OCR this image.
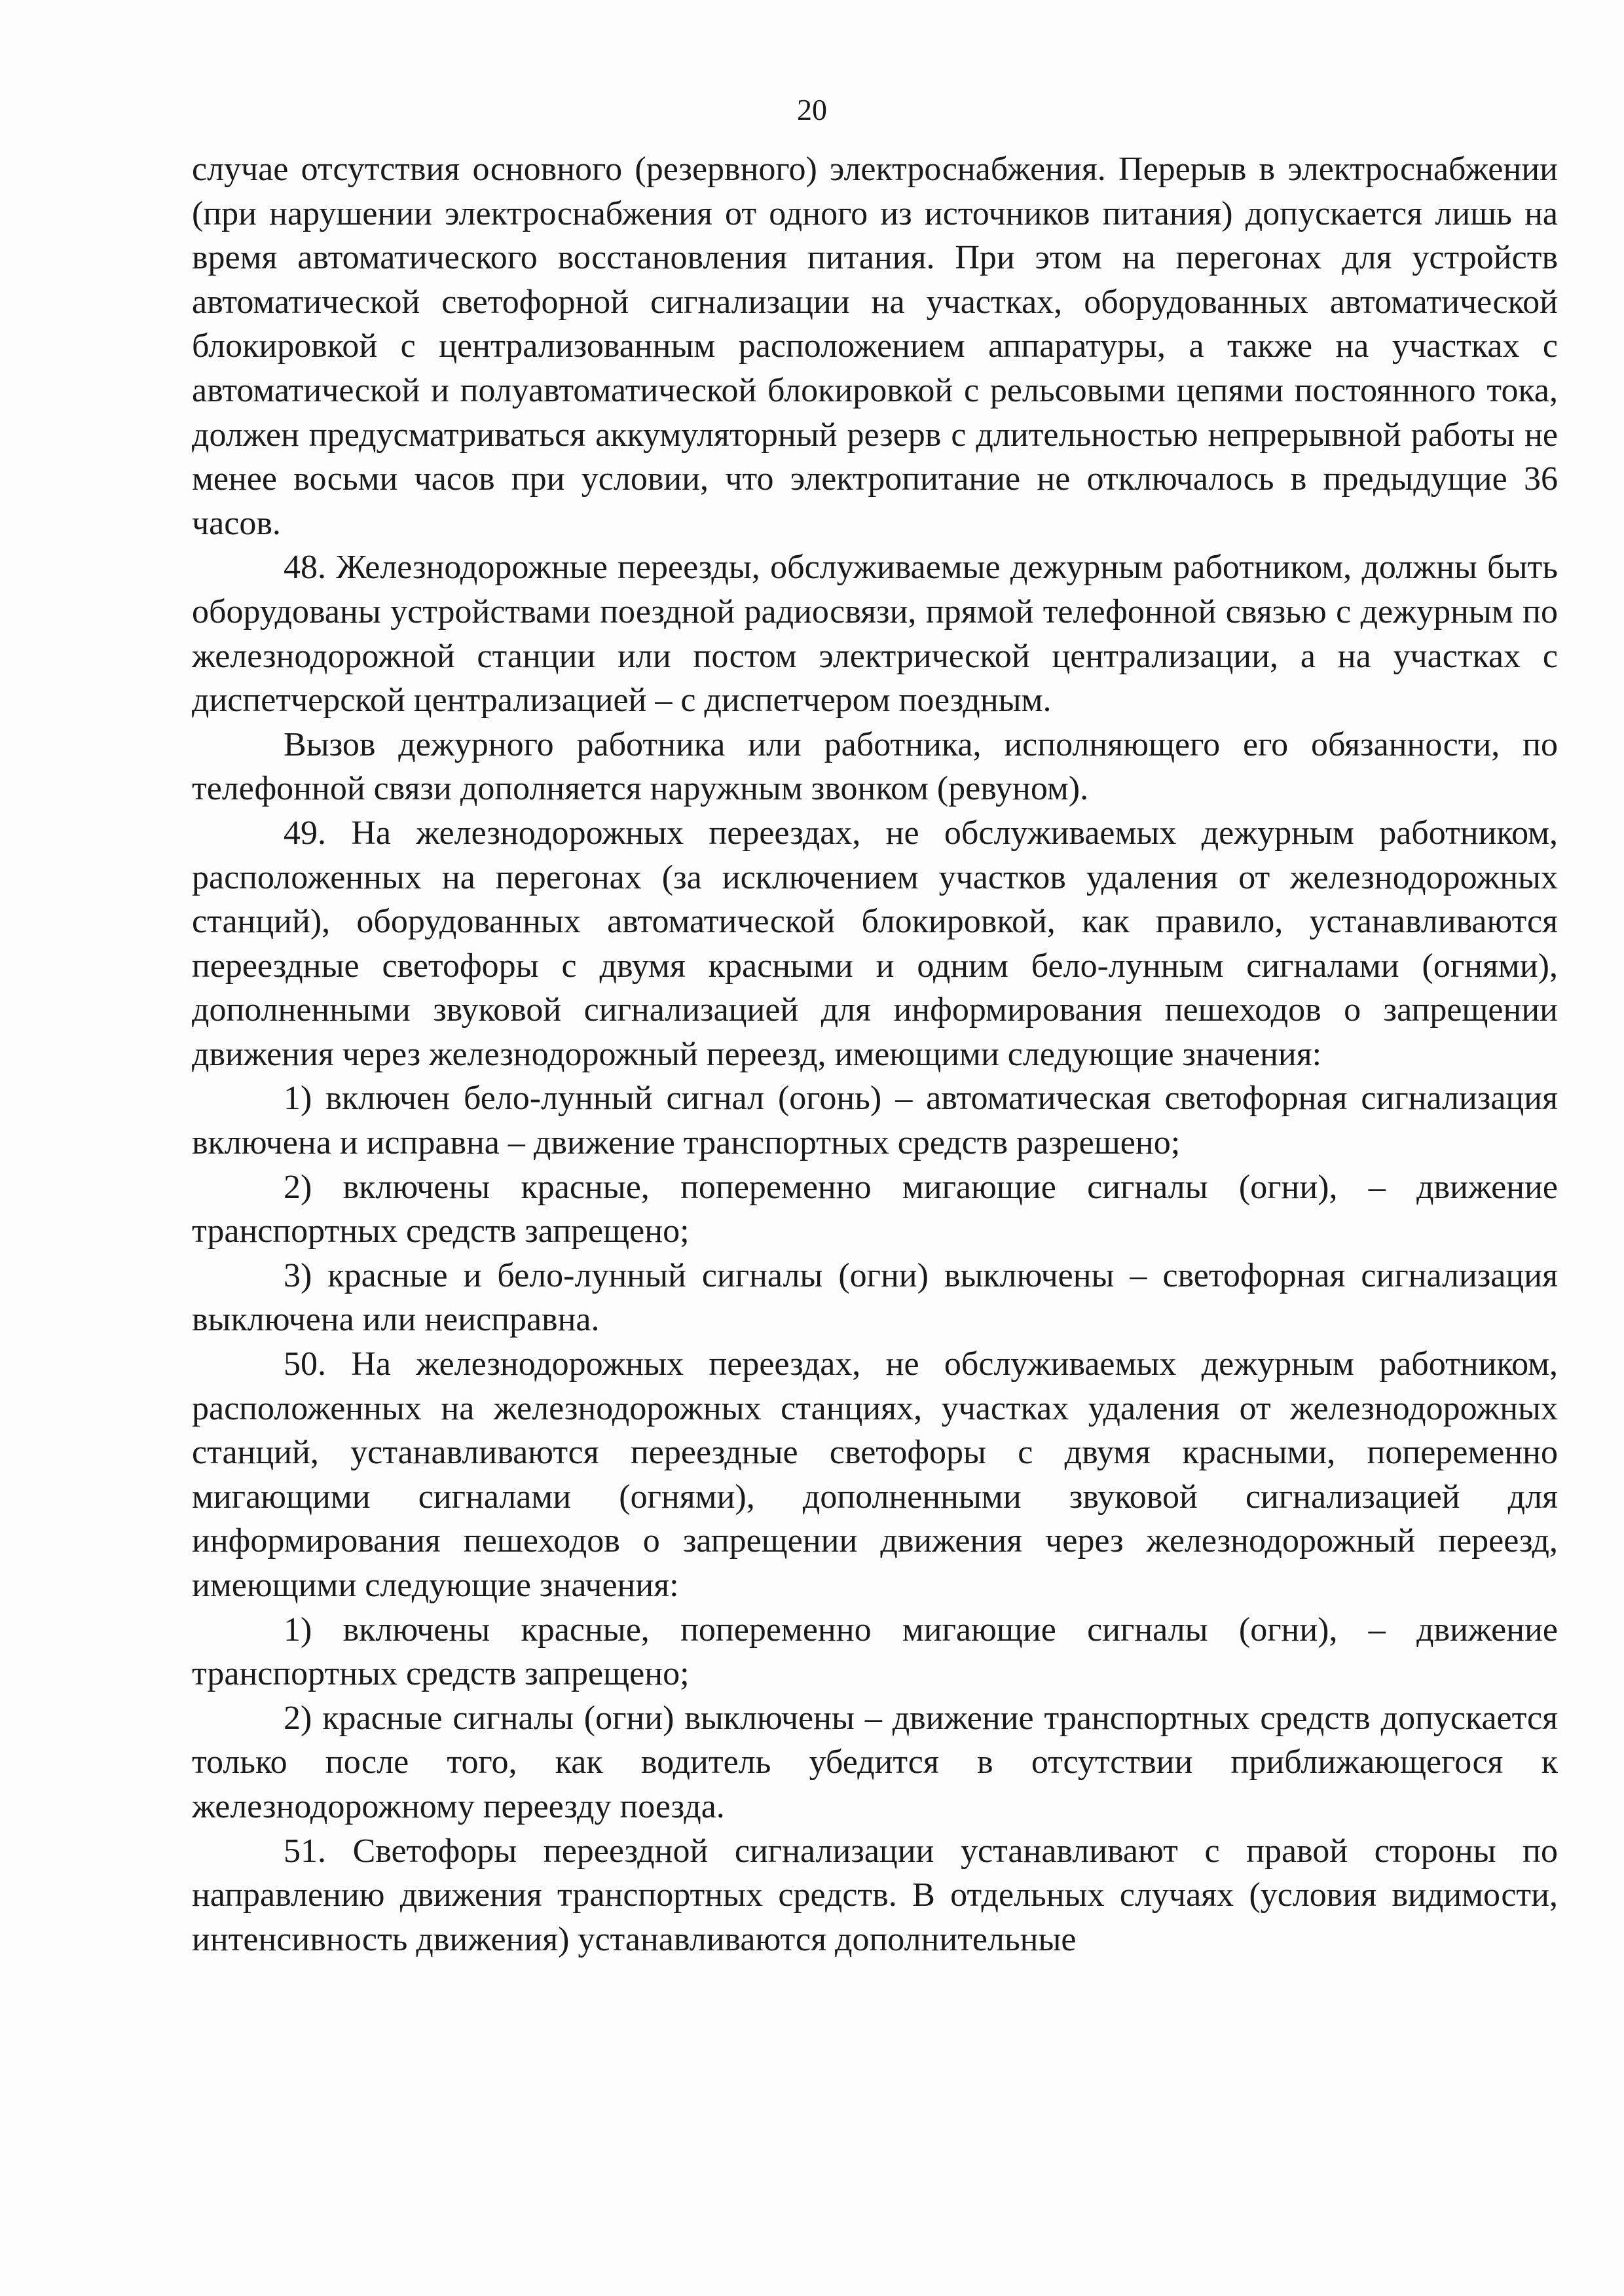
20

случае отсутствия основного (резервного) электроснабжения. Перерыв в электроснабжении (при нарушении электроснабжения от одного из источников питания) допускается лишь на время автоматического восстановления питания. При этом на перегонах для устройств автоматической светофорной сигнализации на участках, оборудованных автоматической блокировкой с централизованным расположением аппаратуры, а также на участках с автоматической и полуавтоматической блокировкой с рельсовыми цепями постоянного тока, должен предусматриваться аккумуляторный резерв с длительностью непрерывной работы не менее восьми часов при условии, что электропитание не отключалось в предыдущие 36 часов.

48. Железнодорожные переезды, обслуживаемые дежурным работником, должны быть оборудованы устройствами поездной радиосвязи, прямой телефонной связью с дежурным по железнодорожной станции или постом электрической централизации, а на участках с диспетчерской централизацией – с диспетчером поездным.

Вызов дежурного работника или работника, исполняющего его обязанности, по телефонной связи дополняется наружным звонком (ревуном).

49. На железнодорожных переездах, не обслуживаемых дежурным работником, расположенных на перегонах (за исключением участков удаления от железнодорожных станций), оборудованных автоматической блокировкой, как правило, устанавливаются переездные светофоры с двумя красными и одним бело-лунным сигналами (огнями), дополненными звуковой сигнализацией для информирования пешеходов о запрещении движения через железнодорожный переезд, имеющими следующие значения:

1) включен бело-лунный сигнал (огонь) – автоматическая светофорная сигнализация включена и исправна – движение транспортных средств разрешено;

2) включены красные, попеременно мигающие сигналы (огни), – движение транспортных средств запрещено;

3) красные и бело-лунный сигналы (огни) выключены – светофорная сигнализация выключена или неисправна.

50. На железнодорожных переездах, не обслуживаемых дежурным работником, расположенных на железнодорожных станциях, участках удаления от железнодорожных станций, устанавливаются переездные светофоры с двумя красными, попеременно мигающими сигналами (огнями), дополненными звуковой сигнализацией для информирования пешеходов о запрещении движения через железнодорожный переезд, имеющими следующие значения:

1) включены красные, попеременно мигающие сигналы (огни), – движение транспортных средств запрещено;

2) красные сигналы (огни) выключены – движение транспортных средств допускается только после того, как водитель убедится в отсутствии приближающегося к железнодорожному переезду поезда.

51. Светофоры переездной сигнализации устанавливают с правой стороны по направлению движения транспортных средств. В отдельных случаях (условия видимости, интенсивность движения) устанавливаются дополнительные
